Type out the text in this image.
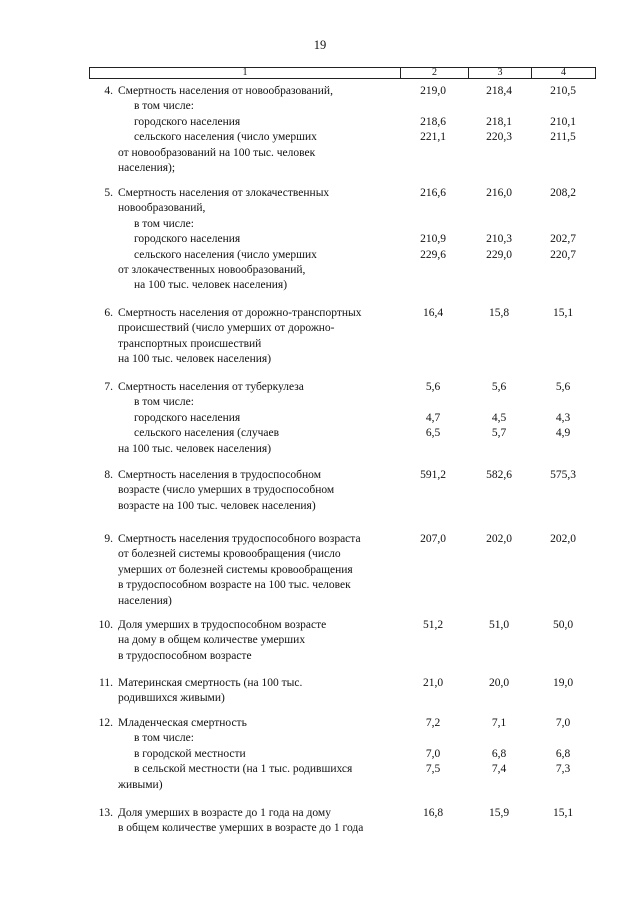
19
1	2	3	4
4. Смертность населения от новообразований,	219,0	218,4	210,5
в том числе:
городского населения	218,6	218,1	210,1
сельского населения (число умерших	221,1	220,3	211,5
от новообразований на 100 тыс. человек
населения);
5. Смертность населения от злокачественных	216,6	216,0	208,2
новообразований,
в том числе:
городского населения	210,9	210,3	202,7
сельского населения (число умерших	229,6	229,0	220,7
от злокачественных новообразований,
на 100 тыс. человек населения)
6. Смертность населения от дорожно-транспортных	16,4	15,8	15,1
происшествий (число умерших от дорожно-
транспортных происшествий
на 100 тыс. человек населения)
7. Смертность населения от туберкулеза	5,6	5,6	5,6
в том числе:
городского населения	4,7	4,5	4,3
сельского населения (случаев	6,5	5,7	4,9
на 100 тыс. человек населения)
8. Смертность населения в трудоспособном	591,2	582,6	575,3
возрасте (число умерших в трудоспособном
возрасте на 100 тыс. человек населения)
9. Смертность населения трудоспособного возраста	207,0	202,0	202,0
от болезней системы кровообращения (число
умерших от болезней системы кровообращения
в трудоспособном возрасте на 100 тыс. человек
населения)
10. Доля умерших в трудоспособном возрасте	51,2	51,0	50,0
на дому в общем количестве умерших
в трудоспособном возрасте
11. Материнская смертность (на 100 тыс.	21,0	20,0	19,0
родившихся живыми)
12. Младенческая смертность	7,2	7,1	7,0
в том числе:
в городской местности	7,0	6,8	6,8
в сельской местности (на 1 тыс. родившихся	7,5	7,4	7,3
живыми)
13. Доля умерших в возрасте до 1 года на дому	16,8	15,9	15,1
в общем количестве умерших в возрасте до 1 года
